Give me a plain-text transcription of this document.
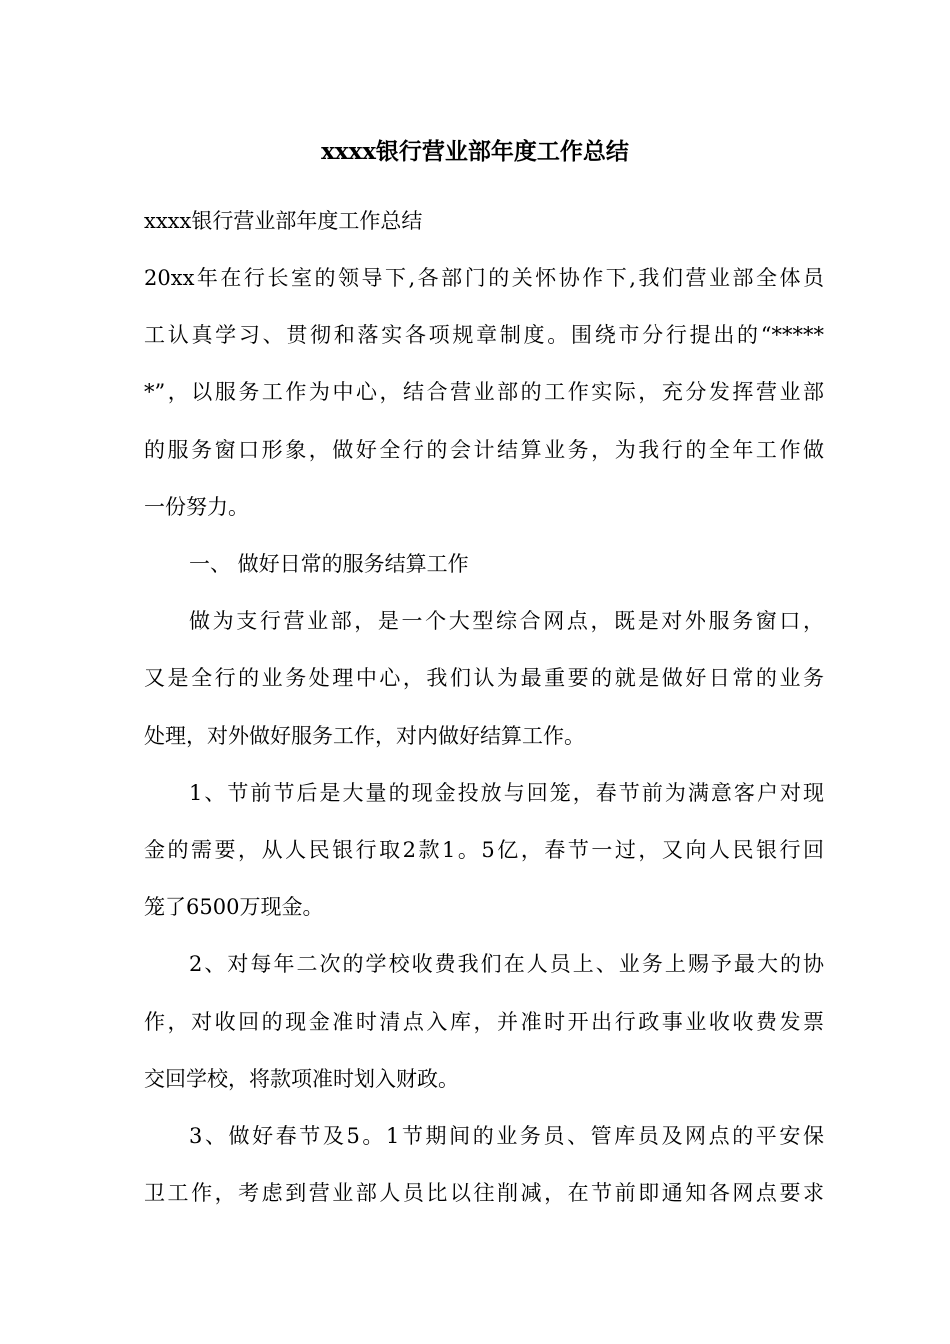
xxxx银行营业部年度工作总结

xxxx银行营业部年度工作总结

20xx年在行长室的领导下,各部门的关怀协作下,我们营业部全体员

工认真学习、贯彻和落实各项规章制度。围绕市分行提出的“*****

*”，以服务工作为中心，结合营业部的工作实际，充分发挥营业部

的服务窗口形象，做好全行的会计结算业务，为我行的全年工作做

一份努力。

一、 做好日常的服务结算工作

做为支行营业部，是一个大型综合网点，既是对外服务窗口，

又是全行的业务处理中心，我们认为最重要的就是做好日常的业务

处理，对外做好服务工作，对内做好结算工作。

1、节前节后是大量的现金投放与回笼，春节前为满意客户对现

金的需要，从人民银行取2款1。5亿，春节一过，又向人民银行回

笼了6500万现金。

2、对每年二次的学校收费我们在人员上、业务上赐予最大的协

作，对收回的现金准时清点入库，并准时开出行政事业收收费发票

交回学校，将款项准时划入财政。

3、做好春节及5。1节期间的业务员、管库员及网点的平安保

卫工作，考虑到营业部人员比以往削减，在节前即通知各网点要求
